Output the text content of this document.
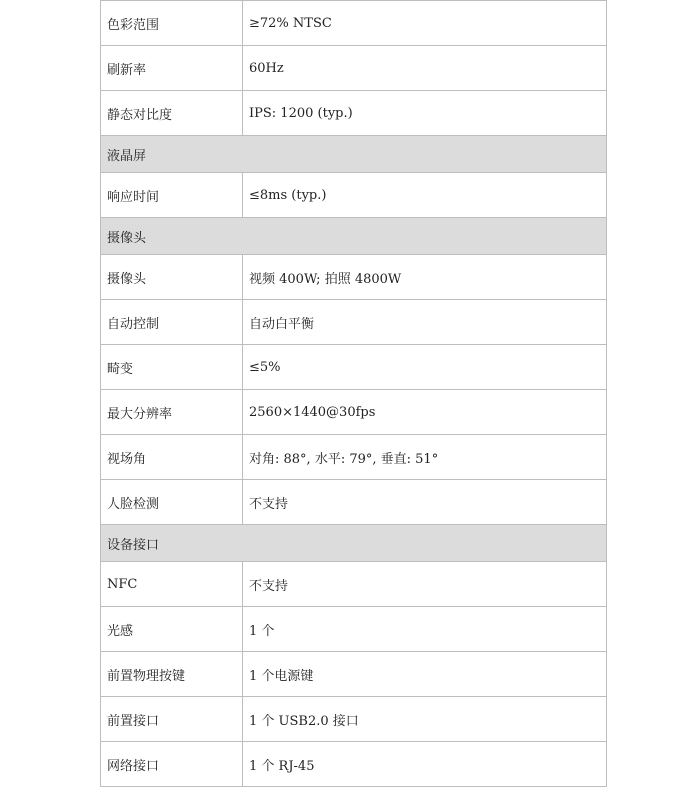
色彩范围	≥72% NTSC
刷新率	60Hz
静态对比度	IPS: 1200 (typ.)
液晶屏	
响应时间	≤8ms (typ.)
摄像头	
摄像头	视频 400W; 拍照 4800W
自动控制	自动白平衡
畸变	≤5%
最大分辨率	2560×1440@30fps
视场角	对角: 88°, 水平: 79°, 垂直: 51°
人脸检测	不支持
设备接口	
NFC	不支持
光感	1 个
前置物理按键	1 个电源键
前置接口	1 个 USB2.0 接口
网络接口	1 个 RJ-45
